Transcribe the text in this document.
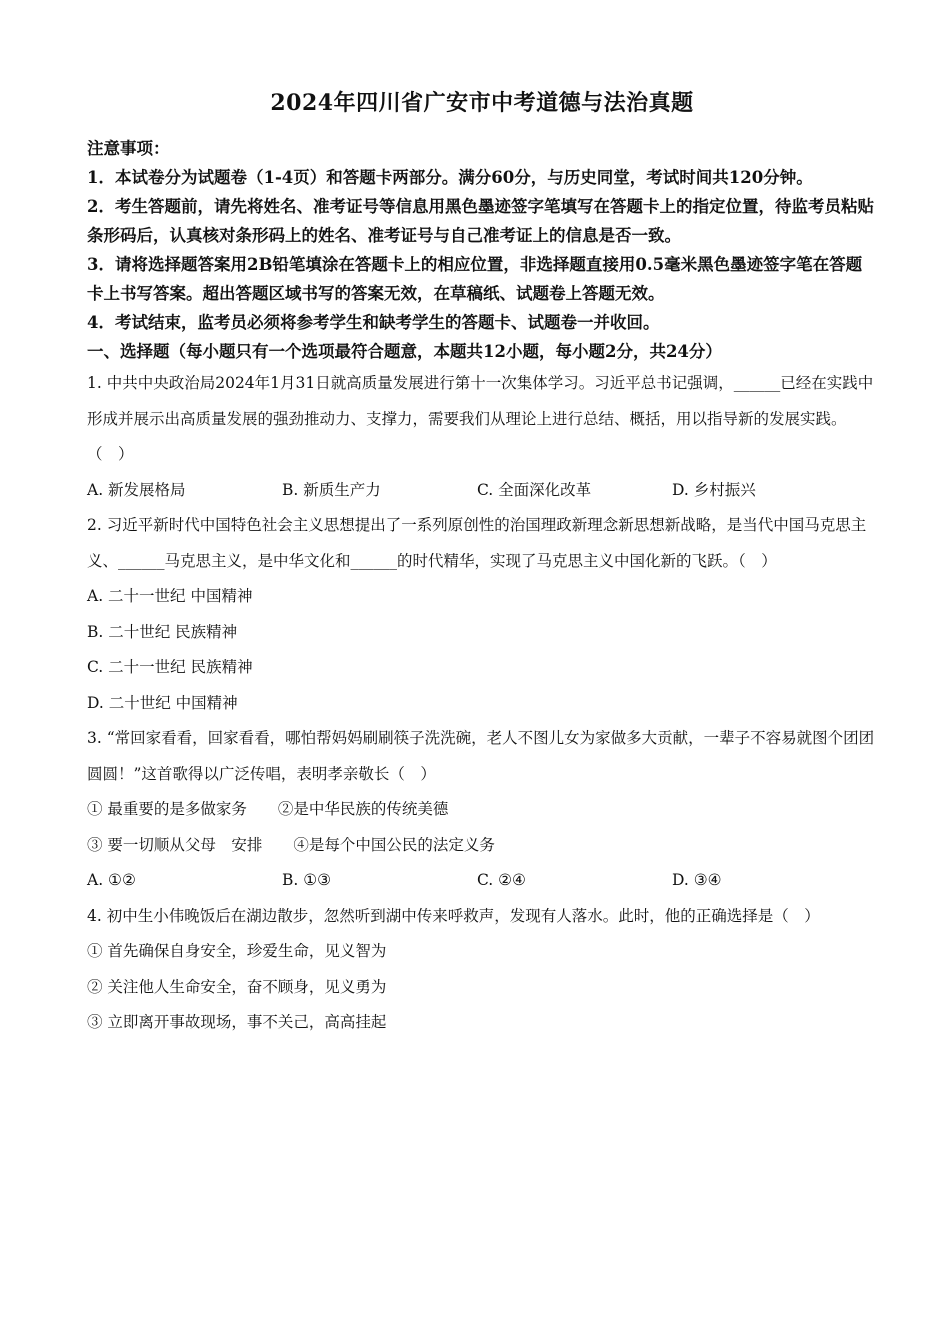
2024年四川省广安市中考道德与法治真题

注意事项：

1．本试卷分为试题卷（1-4页）和答题卡两部分。满分60分，与历史同堂，考试时间共120分钟。

2．考生答题前，请先将姓名、准考证号等信息用黑色墨迹签字笔填写在答题卡上的指定位置，待监考员粘贴条形码后，认真核对条形码上的姓名、准考证号与自己准考证上的信息是否一致。

3．请将选择题答案用2B铅笔填涂在答题卡上的相应位置，非选择题直接用0.5毫米黑色墨迹签字笔在答题卡上书写答案。超出答题区域书写的答案无效，在草稿纸、试题卷上答题无效。

4．考试结束，监考员必须将参考学生和缺考学生的答题卡、试题卷一并收回。

一、选择题（每小题只有一个选项最符合题意，本题共12小题，每小题2分，共24分）

1. 中共中央政治局2024年1月31日就高质量发展进行第十一次集体学习。习近平总书记强调，______已经在实践中形成并展示出高质量发展的强劲推动力、支撑力，需要我们从理论上进行总结、概括，用以指导新的发展实践。（　）

A. 新发展格局	B. 新质生产力	C. 全面深化改革	D. 乡村振兴

2. 习近平新时代中国特色社会主义思想提出了一系列原创性的治国理政新理念新思想新战略，是当代中国马克思主义、______马克思主义，是中华文化和______的时代精华，实现了马克思主义中国化新的飞跃。（　）

A. 二十一世纪 中国精神

B. 二十世纪 民族精神

C. 二十一世纪 民族精神

D. 二十世纪 中国精神

3. “常回家看看，回家看看，哪怕帮妈妈刷刷筷子洗洗碗，老人不图儿女为家做多大贡献，一辈子不容易就图个团团圆圆！”这首歌得以广泛传唱，表明孝亲敬长（　）

① 最重要的是多做家务　　②是中华民族的传统美德

③ 要一切顺从父母　安排　　④是每个中国公民的法定义务

A. ①②	B. ①③	C. ②④	D. ③④

4. 初中生小伟晚饭后在湖边散步，忽然听到湖中传来呼救声，发现有人落水。此时，他的正确选择是（　）

① 首先确保自身安全，珍爱生命，见义智为

② 关注他人生命安全，奋不顾身，见义勇为

③ 立即离开事故现场，事不关己，高高挂起
